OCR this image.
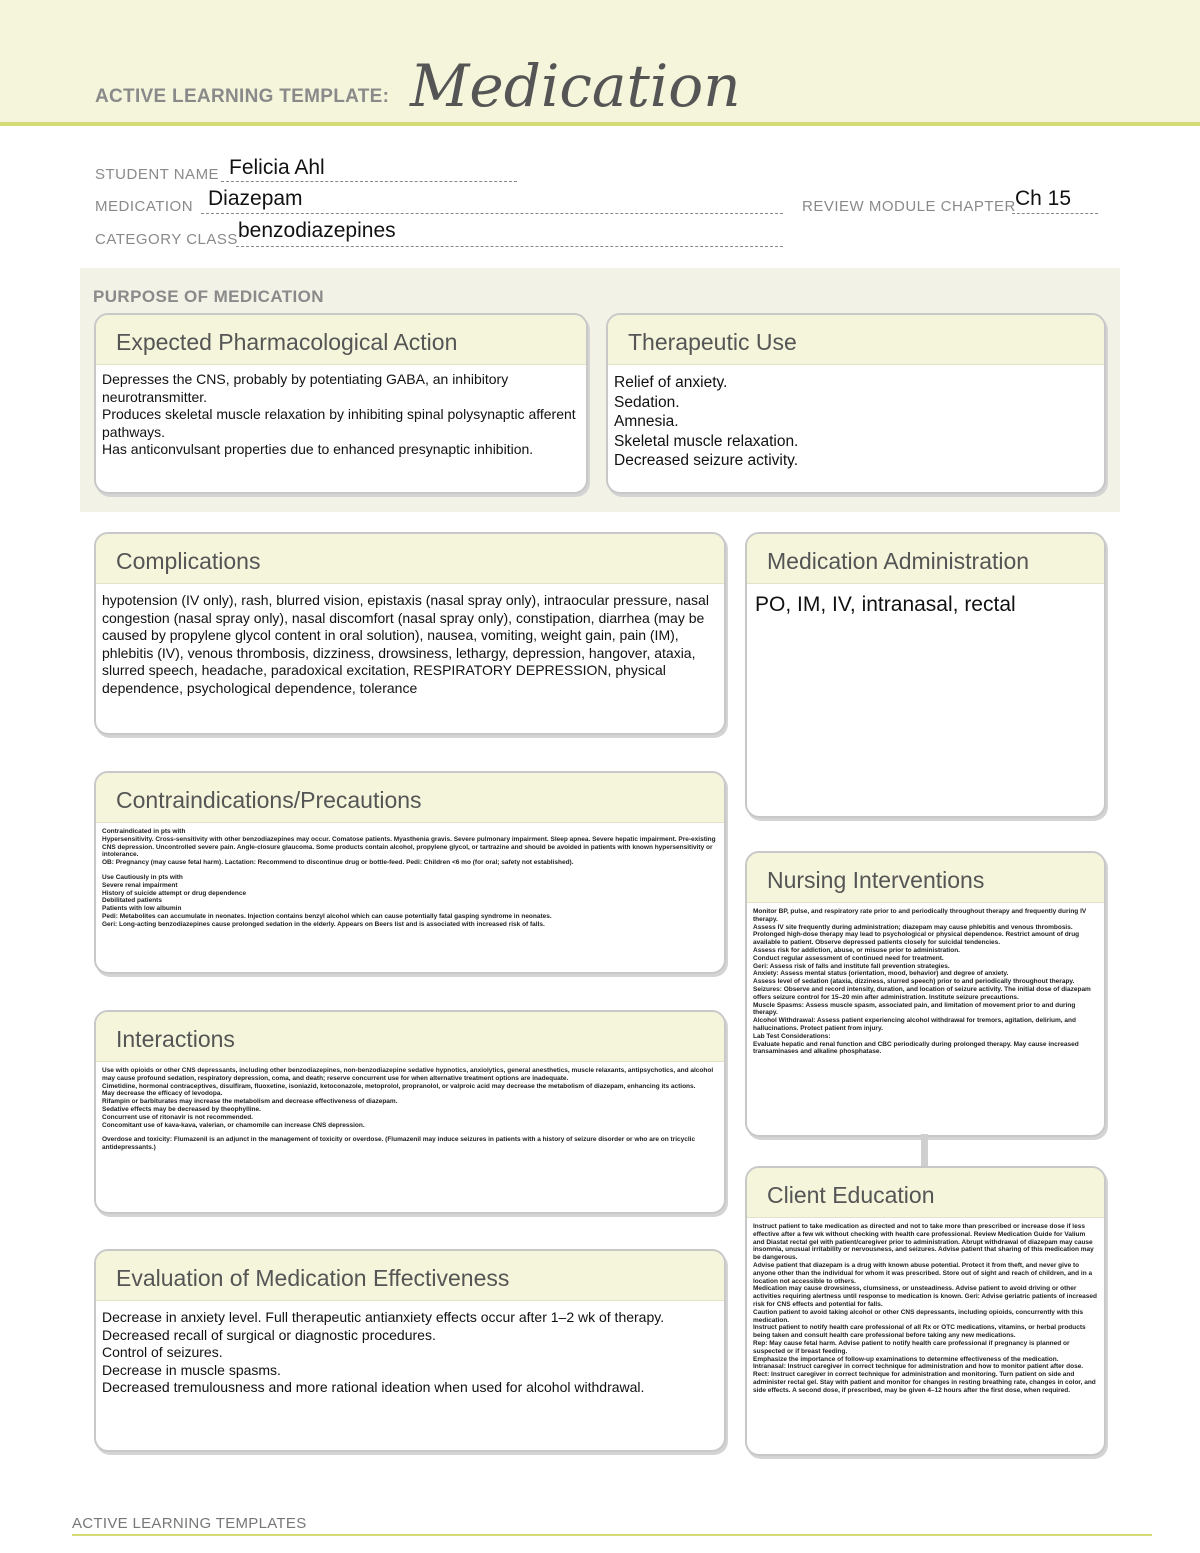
ACTIVE LEARNING TEMPLATE: Medication
STUDENT NAME Felicia Ahl
MEDICATION Diazepam	REVIEW MODULE CHAPTER Ch 15
CATEGORY CLASS benzodiazepines
PURPOSE OF MEDICATION
Expected Pharmacological Action

Depresses the CNS, probably by potentiating GABA, an inhibitory neurotransmitter.

Produces skeletal muscle relaxation by inhibiting spinal polysynaptic afferent pathways.

Has anticonvulsant properties due to enhanced presynaptic inhibition.

Therapeutic Use

Relief of anxiety.

Sedation.

Amnesia.

Skeletal muscle relaxation.

Decreased seizure activity.

Complications
hypotension (IV only), rash, blurred vision, epistaxis (nasal spray only), intraocular pressure, nasal congestion (nasal spray only), nasal discomfort (nasal spray only), constipation, diarrhea (may be caused by propylene glycol content in oral solution), nausea, vomiting, weight gain, pain (IM), phlebitis (IV), venous thrombosis, dizziness, drowsiness, lethargy, depression, hangover, ataxia, slurred speech, headache, paradoxical excitation, RESPIRATORY DEPRESSION, physical dependence, psychological dependence, tolerance
Medication Administration
PO, IM, IV, intranasal, rectal
Contraindications/Precautions

Contraindicated in pts with

Hypersensitivity. Cross-sensitivity with other benzodiazepines may occur. Comatose patients. Myasthenia gravis. Severe pulmonary impairment. Sleep apnea. Severe hepatic impairment. Pre-existing CNS depression. Uncontrolled severe pain. Angle-closure glaucoma. Some products contain alcohol, propylene glycol, or tartrazine and should be avoided in patients with known hypersensitivity or intolerance.

OB: Pregnancy (may cause fetal harm). Lactation: Recommend to discontinue drug or bottle-feed. Pedi: Children <6 mo (for oral; safety not established).

Use Cautiously in pts with

Severe renal impairment

History of suicide attempt or drug dependence

Debilitated patients

Patients with low albumin

Pedi: Metabolites can accumulate in neonates. Injection contains benzyl alcohol which can cause potentially fatal gasping syndrome in neonates.

Geri: Long-acting benzodiazepines cause prolonged sedation in the elderly. Appears on Beers list and is associated with increased risk of falls.

Nursing Interventions

Monitor BP, pulse, and respiratory rate prior to and periodically throughout therapy and frequently during IV therapy.

Assess IV site frequently during administration; diazepam may cause phlebitis and venous thrombosis.

Prolonged high-dose therapy may lead to psychological or physical dependence. Restrict amount of drug available to patient. Observe depressed patients closely for suicidal tendencies.

Assess risk for addiction, abuse, or misuse prior to administration.

Conduct regular assessment of continued need for treatment.

Geri: Assess risk of falls and institute fall prevention strategies.

Anxiety: Assess mental status (orientation, mood, behavior) and degree of anxiety.

Assess level of sedation (ataxia, dizziness, slurred speech) prior to and periodically throughout therapy.

Seizures: Observe and record intensity, duration, and location of seizure activity. The initial dose of diazepam offers seizure control for 15–20 min after administration. Institute seizure precautions.

Muscle Spasms: Assess muscle spasm, associated pain, and limitation of movement prior to and during therapy.

Alcohol Withdrawal: Assess patient experiencing alcohol withdrawal for tremors, agitation, delirium, and hallucinations. Protect patient from injury.

Lab Test Considerations:

Evaluate hepatic and renal function and CBC periodically during prolonged therapy. May cause increased transaminases and alkaline phosphatase.

Interactions

Use with opioids or other CNS depressants, including other benzodiazepines, non-benzodiazepine sedative hypnotics, anxiolytics, general anesthetics, muscle relaxants, antipsychotics, and alcohol may cause profound sedation, respiratory depression, coma, and death; reserve concurrent use for when alternative treatment options are inadequate.

Cimetidine, hormonal contraceptives, disulfiram, fluoxetine, isoniazid, ketoconazole, metoprolol, propranolol, or valproic acid may decrease the metabolism of diazepam, enhancing its actions.

May decrease the efficacy of levodopa.

Rifampin or barbiturates may increase the metabolism and decrease effectiveness of diazepam.

Sedative effects may be decreased by theophylline.

Concurrent use of ritonavir is not recommended.

Concomitant use of kava-kava, valerian, or chamomile can increase CNS depression.

Overdose and toxicity: Flumazenil is an adjunct in the management of toxicity or overdose. (Flumazenil may induce seizures in patients with a history of seizure disorder or who are on tricyclic antidepressants.)

Client Education

Instruct patient to take medication as directed and not to take more than prescribed or increase dose if less effective after a few wk without checking with health care professional. Review Medication Guide for Valium and Diastat rectal gel with patient/caregiver prior to administration. Abrupt withdrawal of diazepam may cause insomnia, unusual irritability or nervousness, and seizures. Advise patient that sharing of this medication may be dangerous.

Advise patient that diazepam is a drug with known abuse potential. Protect it from theft, and never give to anyone other than the individual for whom it was prescribed. Store out of sight and reach of children, and in a location not accessible to others.

Medication may cause drowsiness, clumsiness, or unsteadiness. Advise patient to avoid driving or other activities requiring alertness until response to medication is known. Geri: Advise geriatric patients of increased risk for CNS effects and potential for falls.

Caution patient to avoid taking alcohol or other CNS depressants, including opioids, concurrently with this medication.

Instruct patient to notify health care professional of all Rx or OTC medications, vitamins, or herbal products being taken and consult health care professional before taking any new medications.

Rep: May cause fetal harm. Advise patient to notify health care professional if pregnancy is planned or suspected or if breast feeding.

Emphasize the importance of follow-up examinations to determine effectiveness of the medication.

Intranasal: Instruct caregiver in correct technique for administration and how to monitor patient after dose.

Rect: Instruct caregiver in correct technique for administration and monitoring. Turn patient on side and administer rectal gel. Stay with patient and monitor for changes in resting breathing rate, changes in color, and side effects. A second dose, if prescribed, may be given 4–12 hours after the first dose, when required.

Evaluation of Medication Effectiveness

Decrease in anxiety level. Full therapeutic antianxiety effects occur after 1–2 wk of therapy.

Decreased recall of surgical or diagnostic procedures.

Control of seizures.

Decrease in muscle spasms.

Decreased tremulousness and more rational ideation when used for alcohol withdrawal.

ACTIVE LEARNING TEMPLATES
